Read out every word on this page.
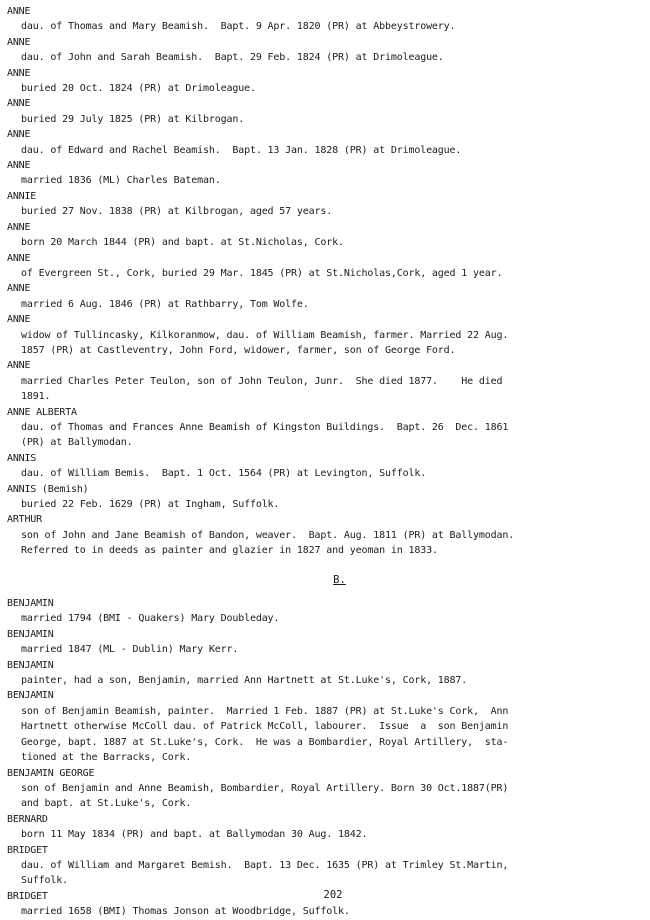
ANNE
dau. of Thomas and Mary Beamish.  Bapt. 9 Apr. 1820 (PR) at Abbeystrowery.
ANNE
dau. of John and Sarah Beamish.  Bapt. 29 Feb. 1824 (PR) at Drimoleague.
ANNE
buried 20 Oct. 1824 (PR) at Drimoleague.
ANNE
buried 29 July 1825 (PR) at Kilbrogan.
ANNE
dau. of Edward and Rachel Beamish.  Bapt. 13 Jan. 1828 (PR) at Drimoleague.
ANNE
married 1836 (ML) Charles Bateman.
ANNIE
buried 27 Nov. 1838 (PR) at Kilbrogan, aged 57 years.
ANNE
born 20 March 1844 (PR) and bapt. at St.Nicholas, Cork.
ANNE
of Evergreen St., Cork, buried 29 Mar. 1845 (PR) at St.Nicholas,Cork, aged 1 year.
ANNE
married 6 Aug. 1846 (PR) at Rathbarry, Tom Wolfe.
ANNE
widow of Tullincasky, Kilkoranmow, dau. of William Beamish, farmer. Married 22 Aug.
1857 (PR) at Castleventry, John Ford, widower, farmer, son of George Ford.
ANNE
married Charles Peter Teulon, son of John Teulon, Junr.  She died 1877.    He died
1891.
ANNE ALBERTA
dau. of Thomas and Frances Anne Beamish of Kingston Buildings.  Bapt. 26  Dec. 1861
(PR) at Ballymodan.
ANNIS
dau. of William Bemis.  Bapt. 1 Oct. 1564 (PR) at Levington, Suffolk.
ANNIS (Bemish)
buried 22 Feb. 1629 (PR) at Ingham, Suffolk.
ARTHUR
son of John and Jane Beamish of Bandon, weaver.  Bapt. Aug. 1811 (PR) at Ballymodan.
Referred to in deeds as painter and glazier in 1827 and yeoman in 1833.
B.
BENJAMIN
married 1794 (BMI - Quakers) Mary Doubleday.
BENJAMIN
married 1847 (ML - Dublin) Mary Kerr.
BENJAMIN
painter, had a son, Benjamin, married Ann Hartnett at St.Luke's, Cork, 1887.
BENJAMIN
son of Benjamin Beamish, painter.  Married 1 Feb. 1887 (PR) at St.Luke's Cork,  Ann
Hartnett otherwise McColl dau. of Patrick McColl, labourer.  Issue  a  son Benjamin
George, bapt. 1887 at St.Luke's, Cork.  He was a Bombardier, Royal Artillery,  sta-
tioned at the Barracks, Cork.
BENJAMIN GEORGE
son of Benjamin and Anne Beamish, Bombardier, Royal Artillery. Born 30 Oct.1887(PR)
and bapt. at St.Luke's, Cork.
BERNARD
born 11 May 1834 (PR) and bapt. at Ballymodan 30 Aug. 1842.
BRIDGET
dau. of William and Margaret Bemish.  Bapt. 13 Dec. 1635 (PR) at Trimley St.Martin,
Suffolk.
BRIDGET
married 1658 (BMI) Thomas Jonson at Woodbridge, Suffolk.
202
